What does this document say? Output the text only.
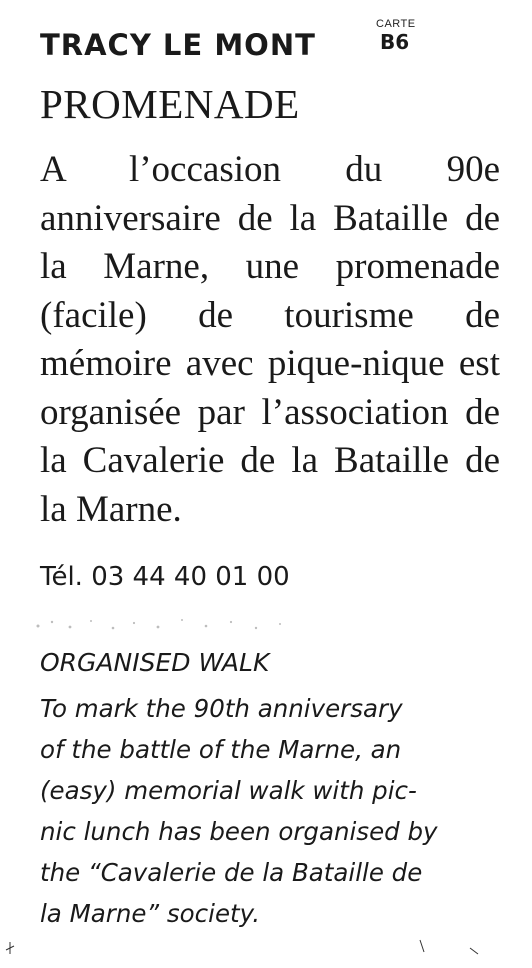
TRACY LE MONT
CARTE
B6
PROMENADE
A l’occasion du 90e anniversaire de la Bataille de la Marne, une promenade (facile) de tourisme de mémoire avec pique-nique est organisée par l’association de la Cavalerie de la Bataille de la Marne.
Tél. 03 44 40 01 00
ORGANISED WALK
To mark the 90th anniversary
of the battle of the Marne, an
(easy) memorial walk with pic-
nic lunch has been organised by
the “Cavalerie de la Bataille de
la Marne” society.
